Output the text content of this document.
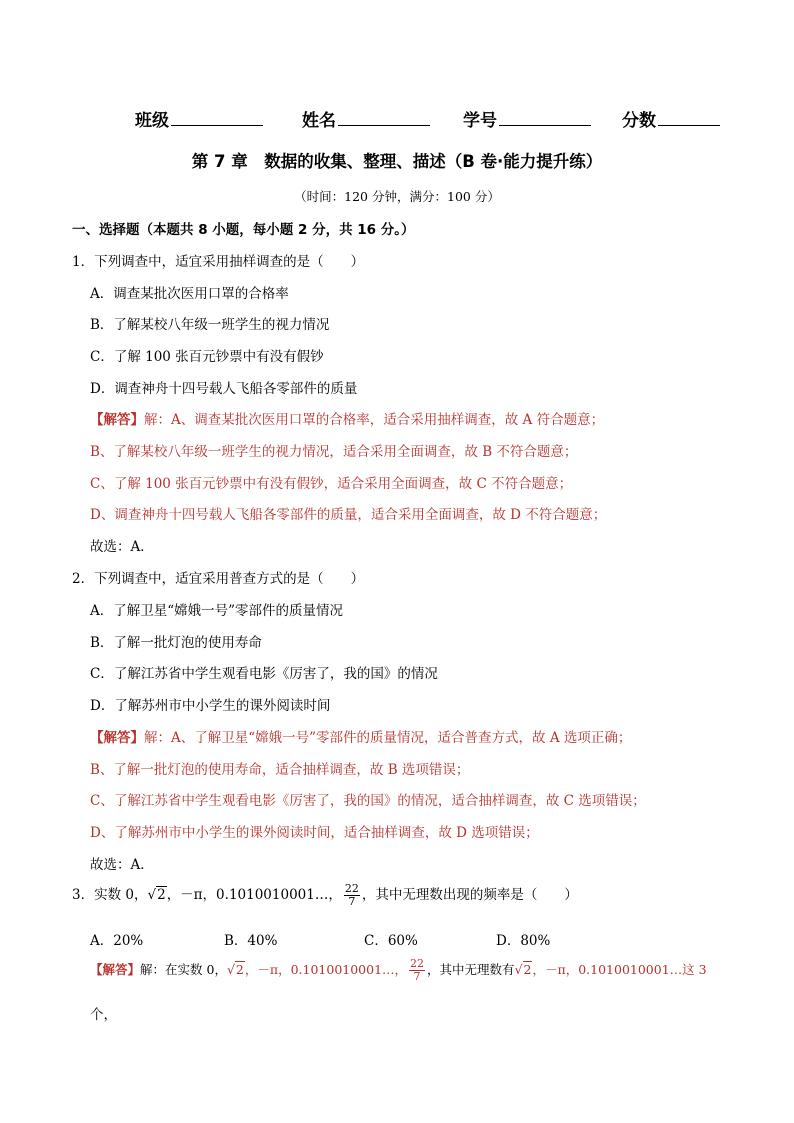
班级	姓名	学号	分数
第 7 章　数据的收集、整理、描述（B 卷·能力提升练）
（时间：120 分钟，满分：100 分）
一、选择题（本题共 8 小题，每小题 2 分，共 16 分。）
1．下列调查中，适宜采用抽样调查的是（　　）
A．调查某批次医用口罩的合格率
B．了解某校八年级一班学生的视力情况
C．了解 100 张百元钞票中有没有假钞
D．调查神舟十四号载人飞船各零部件的质量
【解答】解：A、调查某批次医用口罩的合格率，适合采用抽样调查，故 A 符合题意；
B、了解某校八年级一班学生的视力情况，适合采用全面调查，故 B 不符合题意；
C、了解 100 张百元钞票中有没有假钞，适合采用全面调查，故 C 不符合题意；
D、调查神舟十四号载人飞船各零部件的质量，适合采用全面调查，故 D 不符合题意；
故选：A．
2．下列调查中，适宜采用普查方式的是（　　）
A．了解卫星“嫦娥一号”零部件的质量情况
B．了解一批灯泡的使用寿命
C．了解江苏省中学生观看电影《厉害了，我的国》的情况
D．了解苏州市中小学生的课外阅读时间
【解答】解：A、了解卫星“嫦娥一号”零部件的质量情况，适合普查方式，故 A 选项正确；
B、了解一批灯泡的使用寿命，适合抽样调查，故 B 选项错误；
C、了解江苏省中学生观看电影《厉害了，我的国》的情况，适合抽样调查，故 C 选项错误；
D、了解苏州市中小学生的课外阅读时间，适合抽样调查，故 D 选项错误；
故选：A．
3．实数 0，√2，－π，0.1010010001…， $\frac{22}{7}$ ，其中无理数出现的频率是（　　）
A．20%	B．40%	C．60%	D．80%
【解答】解：在实数 0，√2，－π，0.1010010001…， $\frac{22}{7}$ ，其中无理数有√2，－π，0.1010010001…这 3
个，
